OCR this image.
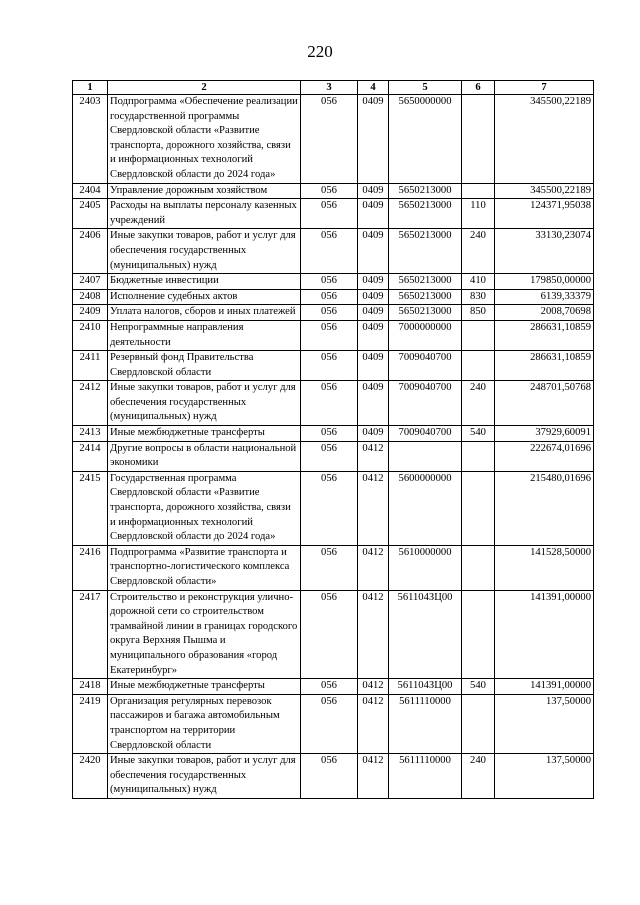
220
1	2	3	4	5	6	7
2403	Подпрограмма «Обеспечение реализации государственной программы Свердловской области «Развитие транспорта, дорожного хозяйства, связи и информационных технологий Свердловской области до 2024 года»	056	0409	5650000000		345500,22189
2404	Управление дорожным хозяйством	056	0409	5650213000		345500,22189
2405	Расходы на выплаты персоналу казенных учреждений	056	0409	5650213000	110	124371,95038
2406	Иные закупки товаров, работ и услуг для обеспечения государственных (муниципальных) нужд	056	0409	5650213000	240	33130,23074
2407	Бюджетные инвестиции	056	0409	5650213000	410	179850,00000
2408	Исполнение судебных актов	056	0409	5650213000	830	6139,33379
2409	Уплата налогов, сборов и иных платежей	056	0409	5650213000	850	2008,70698
2410	Непрограммные направления деятельности	056	0409	7000000000		286631,10859
2411	Резервный фонд Правительства Свердловской области	056	0409	7009040700		286631,10859
2412	Иные закупки товаров, работ и услуг для обеспечения государственных (муниципальных) нужд	056	0409	7009040700	240	248701,50768
2413	Иные межбюджетные трансферты	056	0409	7009040700	540	37929,60091
2414	Другие вопросы в области национальной экономики	056	0412			222674,01696
2415	Государственная программа Свердловской области «Развитие транспорта, дорожного хозяйства, связи и информационных технологий Свердловской области до 2024 года»	056	0412	5600000000		215480,01696
2416	Подпрограмма «Развитие транспорта и транспортно-логистического комплекса Свердловской области»	056	0412	5610000000		141528,50000
2417	Строительство и реконструкция улично-дорожной сети со строительством трамвайной линии в границах городского округа Верхняя Пышма и муниципального образования «город Екатеринбург»	056	0412	561104ЗЦ00		141391,00000
2418	Иные межбюджетные трансферты	056	0412	561104ЗЦ00	540	141391,00000
2419	Организация регулярных перевозок пассажиров и багажа автомобильным транспортом на территории Свердловской области	056	0412	5611110000		137,50000
2420	Иные закупки товаров, работ и услуг для обеспечения государственных (муниципальных) нужд	056	0412	5611110000	240	137,50000
